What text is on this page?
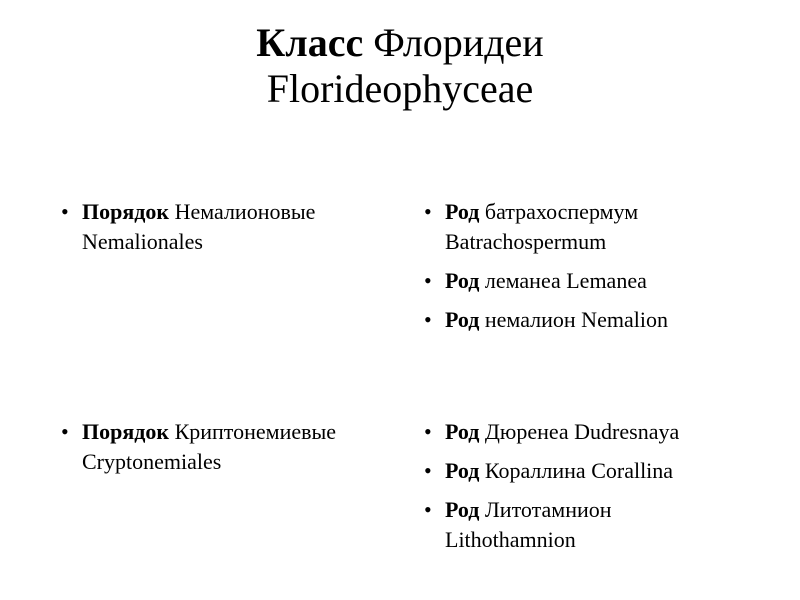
Класс Флоридеи
Florideophyceae
• Порядок Немалионовые
Nemalionales
• Род батрахоспермум
Batrachospermum
• Род леманеа Lemanea
• Род немалион Nemalion
• Порядок Криптонемиевые
Cryptonemiales
• Род Дюренеа Dudresnaya
• Род Кораллина Corallina
• Род Литотамнион
Lithothamnion
